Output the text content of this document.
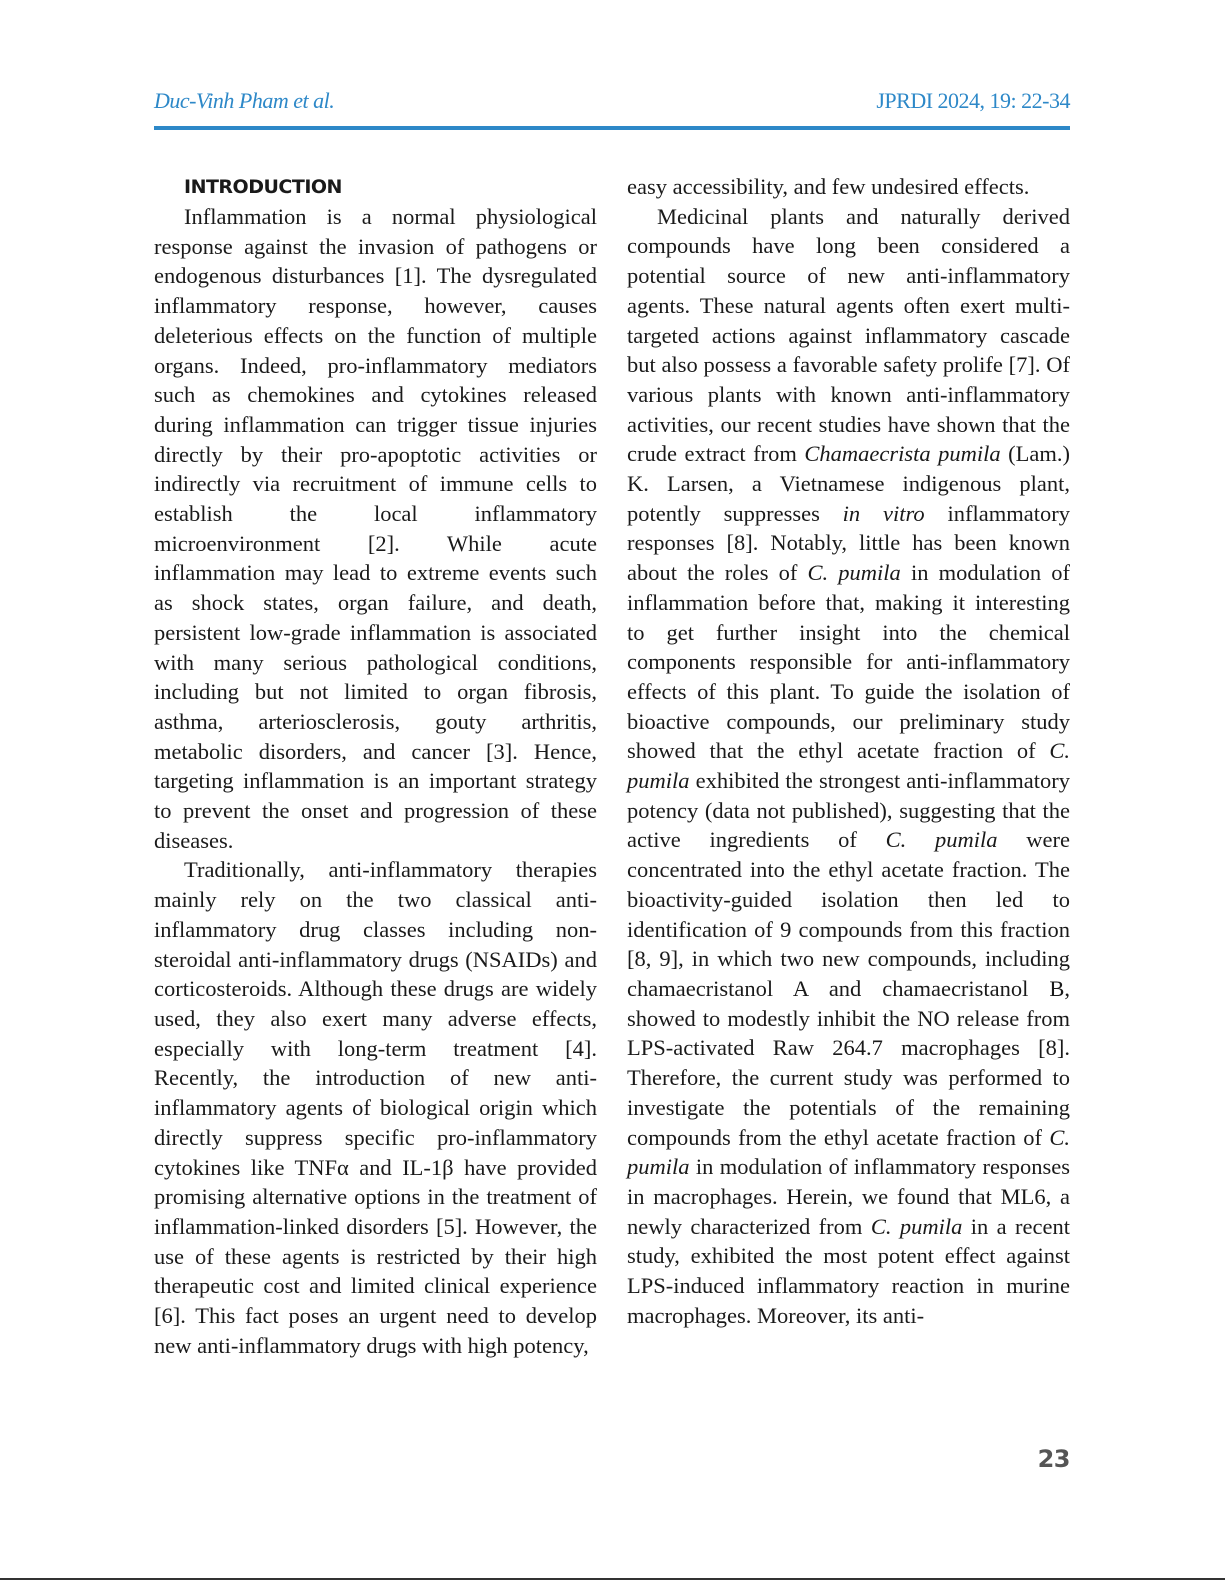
Duc-Vinh Pham et al.	JPRDI 2024, 19: 22-34
INTRODUCTION

Inflammation is a normal physiological response against the invasion of pathogens or endogenous disturbances [1]. The dysregulated inflammatory response, however, causes deleterious effects on the function of multiple organs. Indeed, pro-inflammatory mediators such as chemokines and cytokines released during inflammation can trigger tissue injuries directly by their pro-apoptotic activities or indirectly via recruitment of immune cells to establish the local inflammatory microenvironment [2]. While acute inflammation may lead to extreme events such as shock states, organ failure, and death, persistent low-grade inflammation is associated with many serious pathological conditions, including but not limited to organ fibrosis, asthma, arteriosclerosis, gouty arthritis, metabolic disorders, and cancer [3]. Hence, targeting inflammation is an important strategy to prevent the onset and progression of these diseases.

Traditionally, anti-inflammatory therapies mainly rely on the two classical anti-inflammatory drug classes including non-steroidal anti-inflammatory drugs (NSAIDs) and corticosteroids. Although these drugs are widely used, they also exert many adverse effects, especially with long-term treatment [4]. Recently, the introduction of new anti-inflammatory agents of biological origin which directly suppress specific pro-inflammatory cytokines like TNFα and IL-1β have provided promising alternative options in the treatment of inflammation-linked disorders [5]. However, the use of these agents is restricted by their high therapeutic cost and limited clinical experience [6]. This fact poses an urgent need to develop new anti-inflammatory drugs with high potency,

easy accessibility, and few undesired effects.

Medicinal plants and naturally derived compounds have long been considered a potential source of new anti-inflammatory agents. These natural agents often exert multi-targeted actions against inflammatory cascade but also possess a favorable safety prolife [7]. Of various plants with known anti-inflammatory activities, our recent studies have shown that the crude extract from Chamaecrista pumila (Lam.) K. Larsen, a Vietnamese indigenous plant, potently suppresses in vitro inflammatory responses [8]. Notably, little has been known about the roles of C. pumila in modulation of inflammation before that, making it interesting to get further insight into the chemical components responsible for anti-inflammatory effects of this plant. To guide the isolation of bioactive compounds, our preliminary study showed that the ethyl acetate fraction of C. pumila exhibited the strongest anti-inflammatory potency (data not published), suggesting that the active ingredients of C. pumila were concentrated into the ethyl acetate fraction. The bioactivity-guided isolation then led to identification of 9 compounds from this fraction [8, 9], in which two new compounds, including chamaecristanol A and chamaecristanol B, showed to modestly inhibit the NO release from LPS-activated Raw 264.7 macrophages [8]. Therefore, the current study was performed to investigate the potentials of the remaining compounds from the ethyl acetate fraction of C. pumila in modulation of inflammatory responses in macrophages. Herein, we found that ML6, a newly characterized from C. pumila in a recent study, exhibited the most potent effect against LPS-induced inflammatory reaction in murine macrophages. Moreover, its anti-

23
